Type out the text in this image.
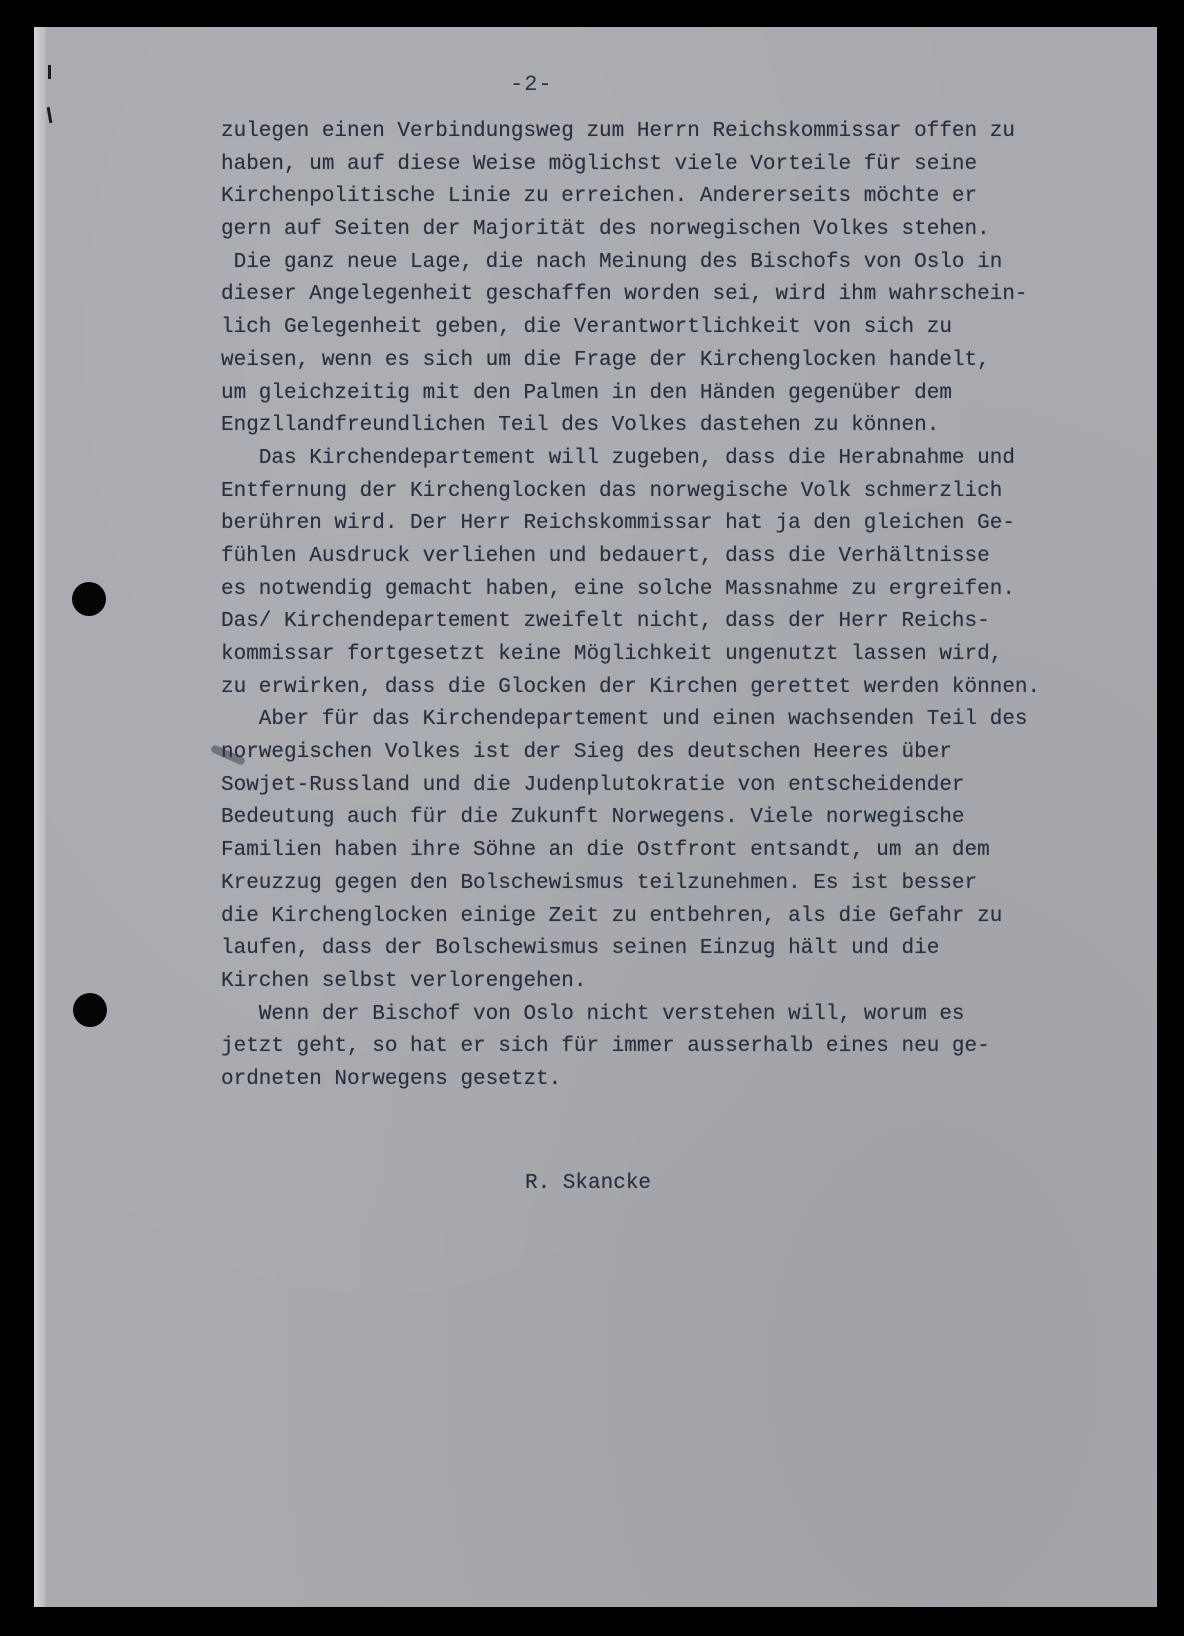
-2-
zulegen einen Verbindungsweg zum Herrn Reichskommissar offen zu
haben, um auf diese Weise möglichst viele Vorteile für seine
Kirchenpolitische Linie zu erreichen. Andererseits möchte er
gern auf Seiten der Majorität des norwegischen Volkes stehen.
Die ganz neue Lage, die nach Meinung des Bischofs von Oslo in
dieser Angelegenheit geschaffen worden sei, wird ihm wahrschein-
lich Gelegenheit geben, die Verantwortlichkeit von sich zu
weisen, wenn es sich um die Frage der Kirchenglocken handelt,
um gleichzeitig mit den Palmen in den Händen gegenüber dem
Engzllandfreundlichen Teil des Volkes dastehen zu können.
Das Kirchendepartement will zugeben, dass die Herabnahme und
Entfernung der Kirchenglocken das norwegische Volk schmerzlich
berühren wird. Der Herr Reichskommissar hat ja den gleichen Ge-
fühlen Ausdruck verliehen und bedauert, dass die Verhältnisse
es notwendig gemacht haben, eine solche Massnahme zu ergreifen.
Das/ Kirchendepartement zweifelt nicht, dass der Herr Reichs-
kommissar fortgesetzt keine Möglichkeit ungenutzt lassen wird,
zu erwirken, dass die Glocken der Kirchen gerettet werden können.
Aber für das Kirchendepartement und einen wachsenden Teil des
norwegischen Volkes ist der Sieg des deutschen Heeres über
Sowjet-Russland und die Judenplutokratie von entscheidender
Bedeutung auch für die Zukunft Norwegens. Viele norwegische
Familien haben ihre Söhne an die Ostfront entsandt, um an dem
Kreuzzug gegen den Bolschewismus teilzunehmen. Es ist besser
die Kirchenglocken einige Zeit zu entbehren, als die Gefahr zu
laufen, dass der Bolschewismus seinen Einzug hält und die
Kirchen selbst verlorengehen.
Wenn der Bischof von Oslo nicht verstehen will, worum es
jetzt geht, so hat er sich für immer ausserhalb eines neu ge-
ordneten Norwegens gesetzt.
R. Skancke
